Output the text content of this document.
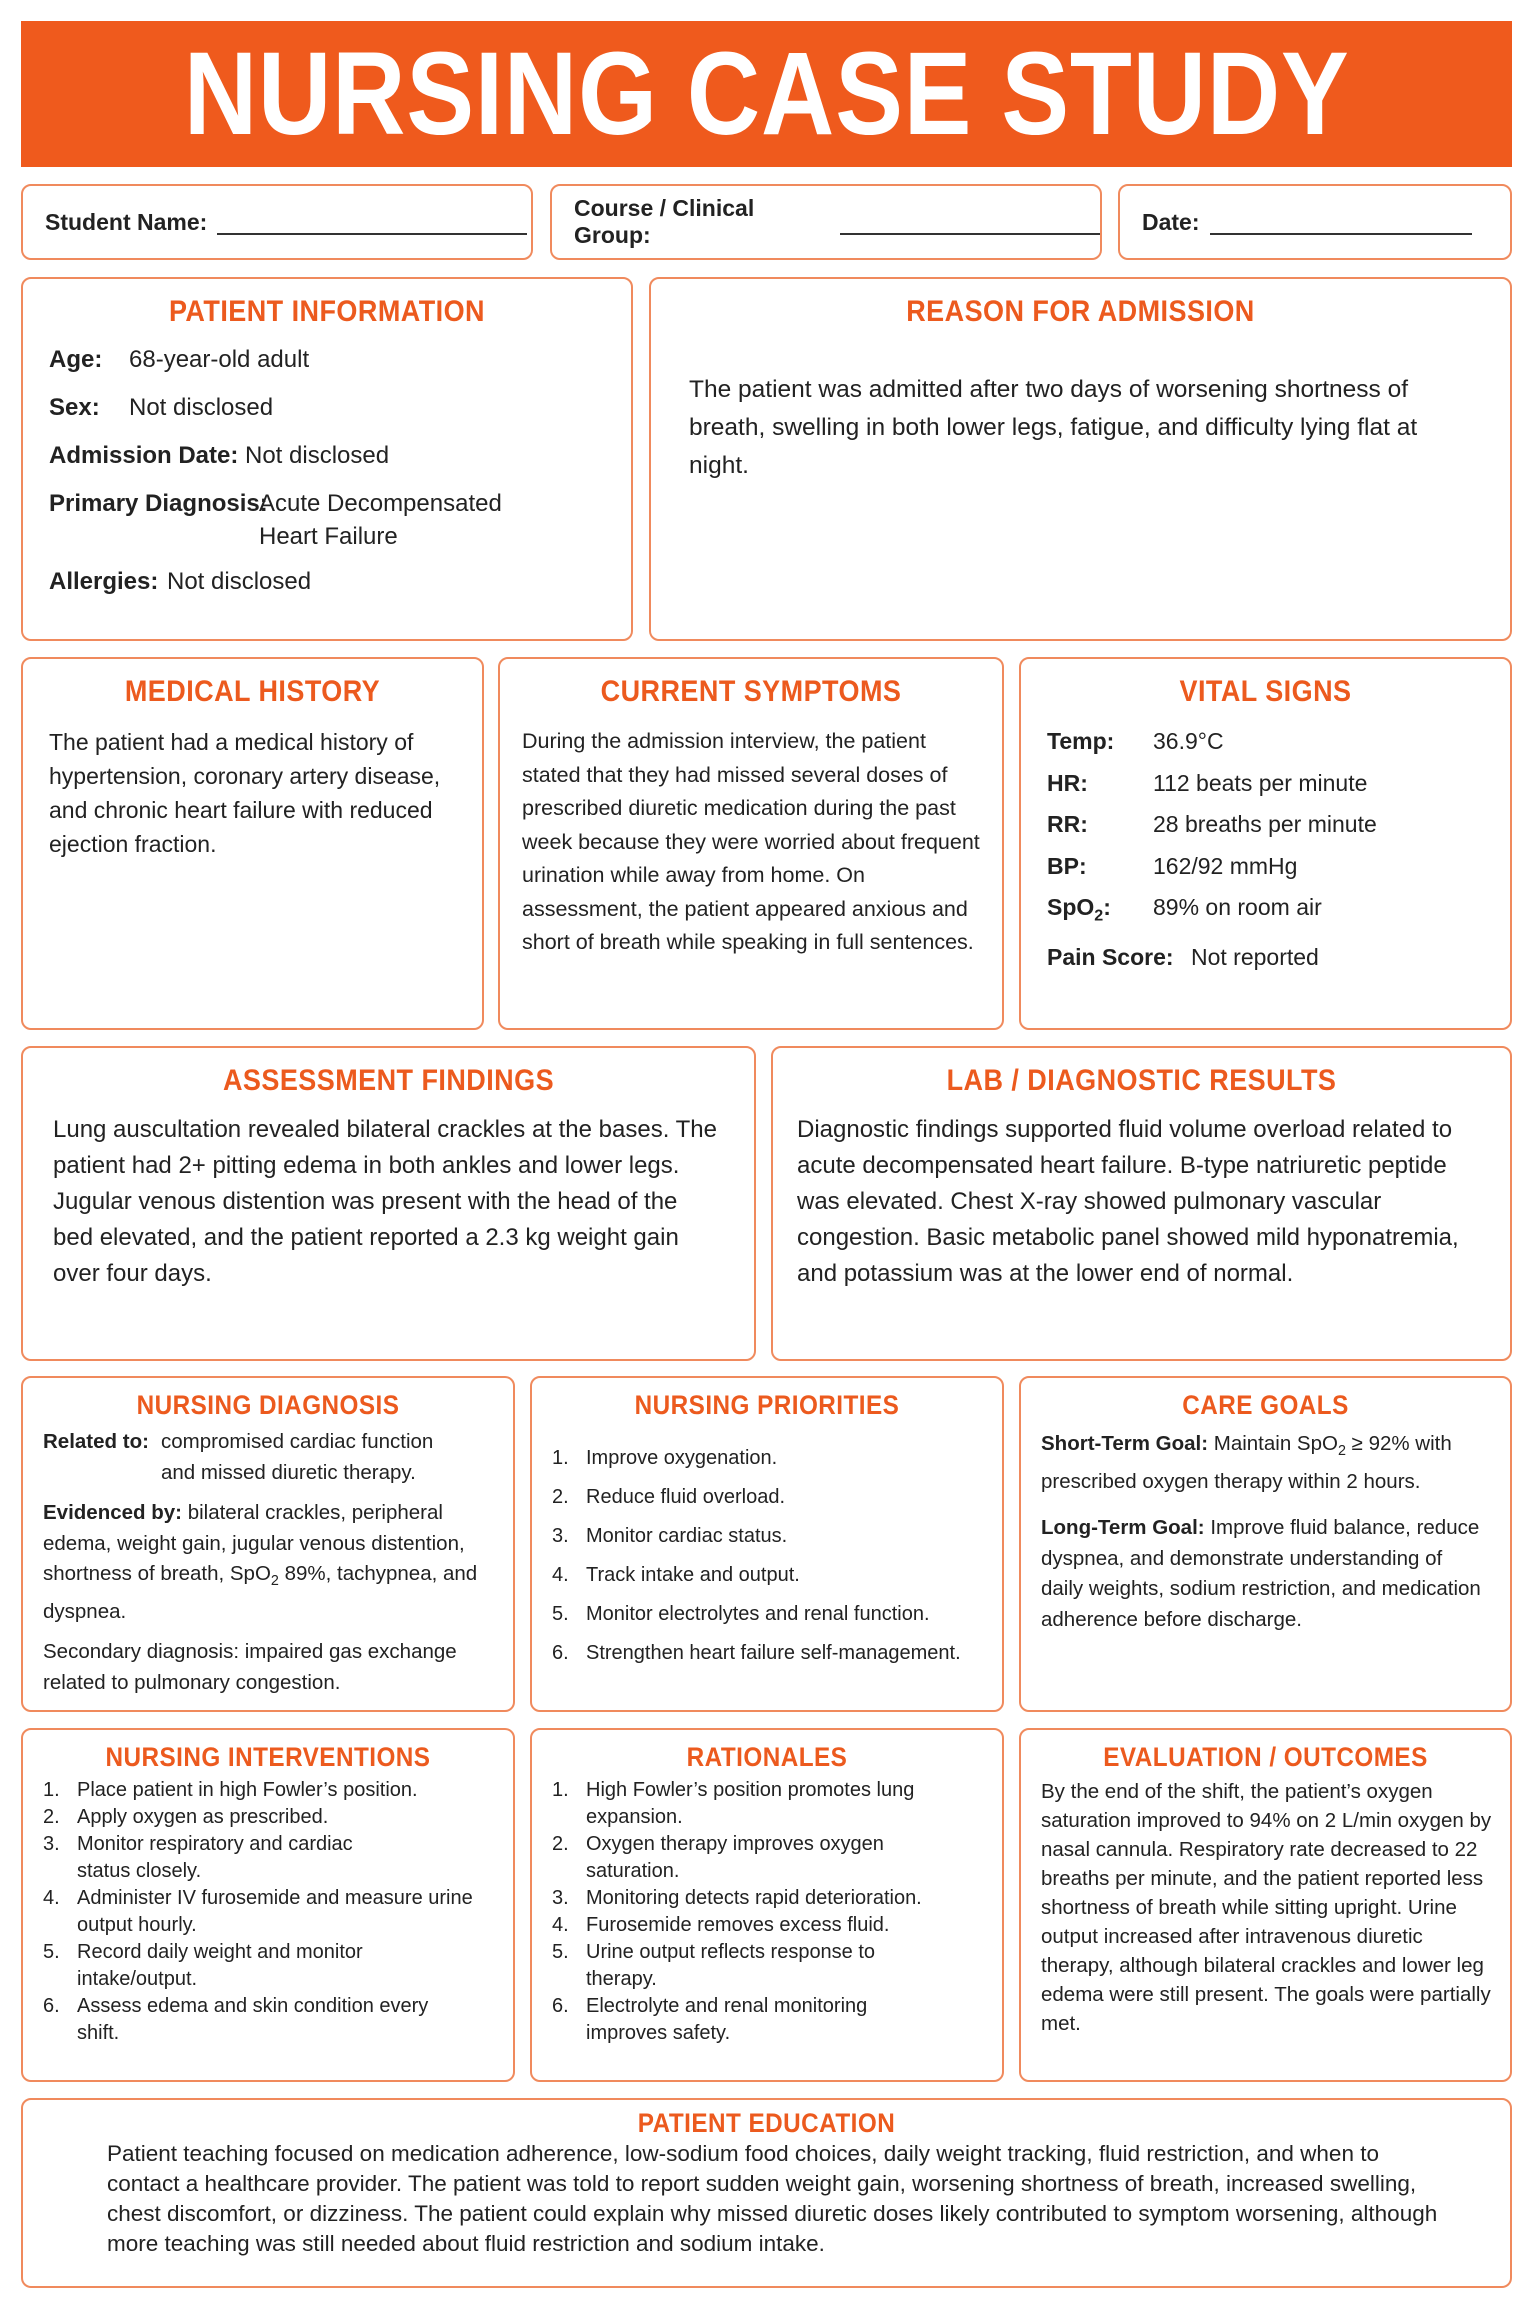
NURSING CASE STUDY
Student Name:
Course / Clinical Group:
Date:
PATIENT INFORMATION
Age:	68-year-old adult
Sex:	Not disclosed
Admission Date: Not disclosed
Primary Diagnosis:
Acute Decompensated
Heart Failure
Allergies: Not disclosed
REASON FOR ADMISSION
The patient was admitted after two days of worsening shortness of breath, swelling in both lower legs, fatigue, and difficulty lying flat at night.
MEDICAL HISTORY
The patient had a medical history of hypertension, coronary artery disease, and chronic heart failure with reduced ejection fraction.
CURRENT SYMPTOMS
During the admission interview, the patient stated that they had missed several doses of prescribed diuretic medication during the past week because they were worried about frequent urination while away from home. On assessment, the patient appeared anxious and short of breath while speaking in full sentences.
VITAL SIGNS
Temp:	36.9°C
HR:	112 beats per minute
RR:	28 breaths per minute
BP:	162/92 mmHg
SpO$_2$:	89% on room air
Pain Score: Not reported
ASSESSMENT FINDINGS
Lung auscultation revealed bilateral crackles at the bases. The patient had 2+ pitting edema in both ankles and lower legs. Jugular venous distention was present with the head of the bed elevated, and the patient reported a 2.3 kg weight gain over four days.
LAB / DIAGNOSTIC RESULTS
Diagnostic findings supported fluid volume overload related to acute decompensated heart failure. B-type natriuretic peptide was elevated. Chest X-ray showed pulmonary vascular congestion. Basic metabolic panel showed mild hyponatremia, and potassium was at the lower end of normal.
NURSING DIAGNOSIS
Related to: compromised cardiac function
and missed diuretic therapy.
Evidenced by: bilateral crackles, peripheral edema, weight gain, jugular venous distention, shortness of breath, SpO$_2$ 89%, tachypnea, and dyspnea.
Secondary diagnosis: impaired gas exchange related to pulmonary congestion.
NURSING PRIORITIES
1. Improve oxygenation.
2. Reduce fluid overload.
3. Monitor cardiac status.
4. Track intake and output.
5. Monitor electrolytes and renal function.
6. Strengthen heart failure self-management.
CARE GOALS
Short-Term Goal: Maintain SpO$_2$ ≥ 92% with prescribed oxygen therapy within 2 hours.
Long-Term Goal: Improve fluid balance, reduce dyspnea, and demonstrate understanding of daily weights, sodium restriction, and medication adherence before discharge.
NURSING INTERVENTIONS
1. Place patient in high Fowler’s position.
2. Apply oxygen as prescribed.
3. Monitor respiratory and cardiac status closely.
4. Administer IV furosemide and measure urine output hourly.
5. Record daily weight and monitor intake/output.
6. Assess edema and skin condition every shift.
RATIONALES
1. High Fowler’s position promotes lung expansion.
2. Oxygen therapy improves oxygen saturation.
3. Monitoring detects rapid deterioration.
4. Furosemide removes excess fluid.
5. Urine output reflects response to therapy.
6. Electrolyte and renal monitoring improves safety.
EVALUATION / OUTCOMES
By the end of the shift, the patient’s oxygen saturation improved to 94% on 2 L/min oxygen by nasal cannula. Respiratory rate decreased to 22 breaths per minute, and the patient reported less shortness of breath while sitting upright. Urine output increased after intravenous diuretic therapy, although bilateral crackles and lower leg edema were still present. The goals were partially met.
PATIENT EDUCATION
Patient teaching focused on medication adherence, low-sodium food choices, daily weight tracking, fluid restriction, and when to contact a healthcare provider. The patient was told to report sudden weight gain, worsening shortness of breath, increased swelling, chest discomfort, or dizziness. The patient could explain why missed diuretic doses likely contributed to symptom worsening, although more teaching was still needed about fluid restriction and sodium intake.
